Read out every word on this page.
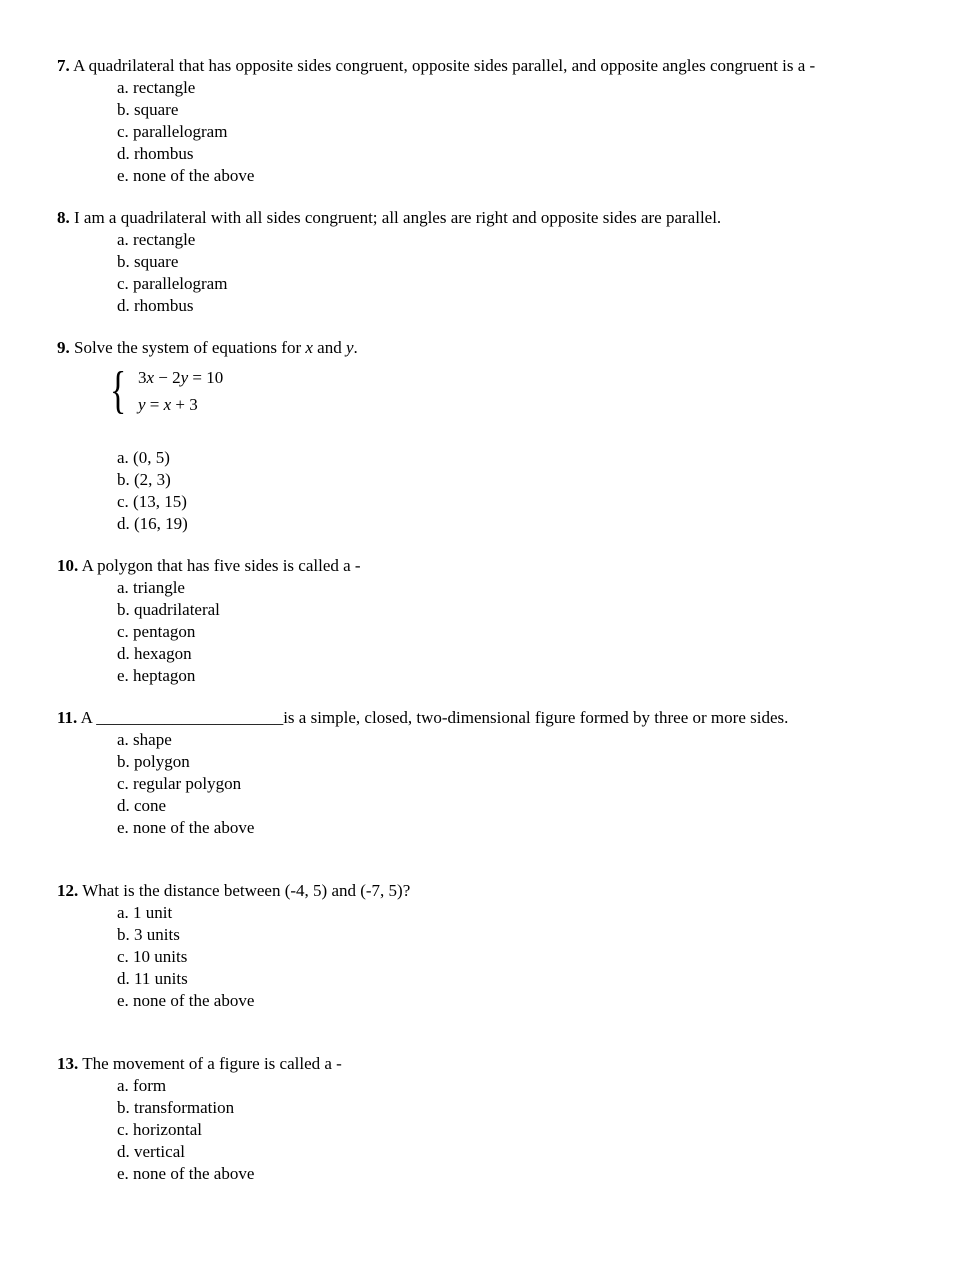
7. A quadrilateral that has opposite sides congruent, opposite sides parallel, and opposite angles congruent is a -

a. rectangle
b. square
c. parallelogram
d. rhombus
e. none of the above

8. I am a quadrilateral with all sides congruent; all angles are right and opposite sides are parallel.

a. rectangle
b. square
c. parallelogram
d. rhombus

9. Solve the system of equations for x and y.

{ 3x − 2y = 10
y = x + 3
a. (0, 5)
b. (2, 3)
c. (13, 15)
d. (16, 19)

10. A polygon that has five sides is called a -

a. triangle
b. quadrilateral
c. pentagon
d. hexagon
e. heptagon

11. A ______________________is a simple, closed, two-dimensional figure formed by three or more sides.

a. shape
b. polygon
c. regular polygon
d. cone
e. none of the above

12. What is the distance between (-4, 5) and (-7, 5)?

a. 1 unit
b. 3 units
c. 10 units
d. 11 units
e. none of the above

13. The movement of a figure is called a -

a. form
b. transformation
c. horizontal
d. vertical
e. none of the above
